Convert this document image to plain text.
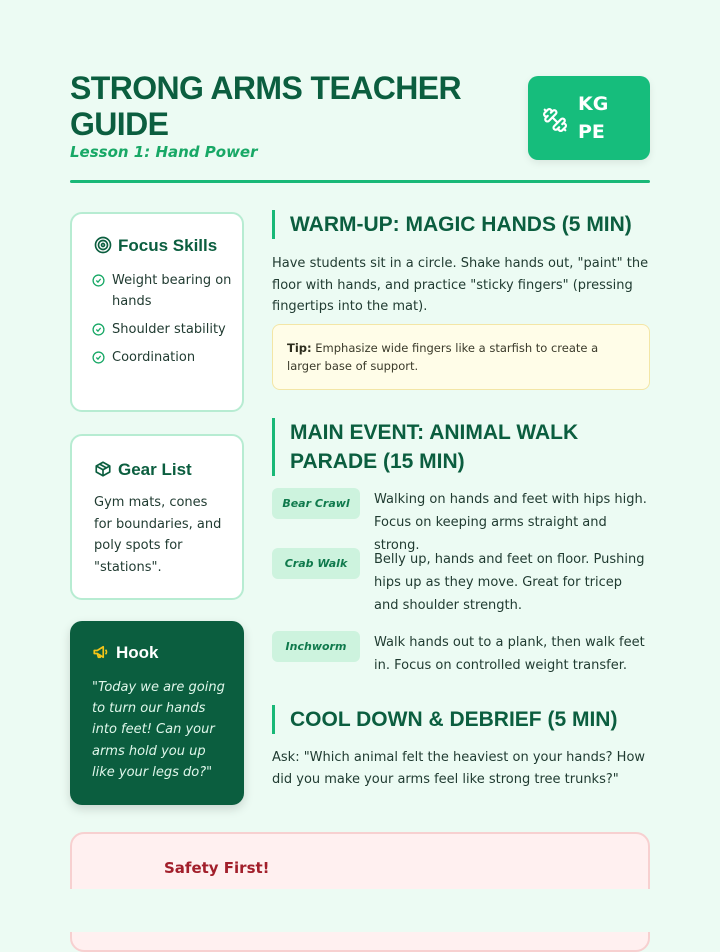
STRONG ARMS TEACHER GUIDE
Lesson 1: Hand Power
KG
PE
Focus Skills
Weight bearing on hands
Shoulder stability
Coordination
Gear List
Gym mats, cones for boundaries, and poly spots for "stations".
Hook
"Today we are going to turn our hands into feet! Can your arms hold you up like your legs do?"
WARM-UP: MAGIC HANDS (5 MIN)
Have students sit in a circle. Shake hands out, "paint" the floor with hands, and practice "sticky fingers" (pressing fingertips into the mat).
Tip: Emphasize wide fingers like a starfish to create a larger base of support.
MAIN EVENT: ANIMAL WALK PARADE (15 MIN)
Bear Crawl	Walking on hands and feet with hips high. Focus on keeping arms straight and strong.
Crab Walk	Belly up, hands and feet on floor. Pushing hips up as they move. Great for tricep and shoulder strength.
Inchworm	Walk hands out to a plank, then walk feet in. Focus on controlled weight transfer.
COOL DOWN & DEBRIEF (5 MIN)
Ask: "Which animal felt the heaviest on your hands? How did you make your arms feel like strong tree trunks?"
Safety First!
